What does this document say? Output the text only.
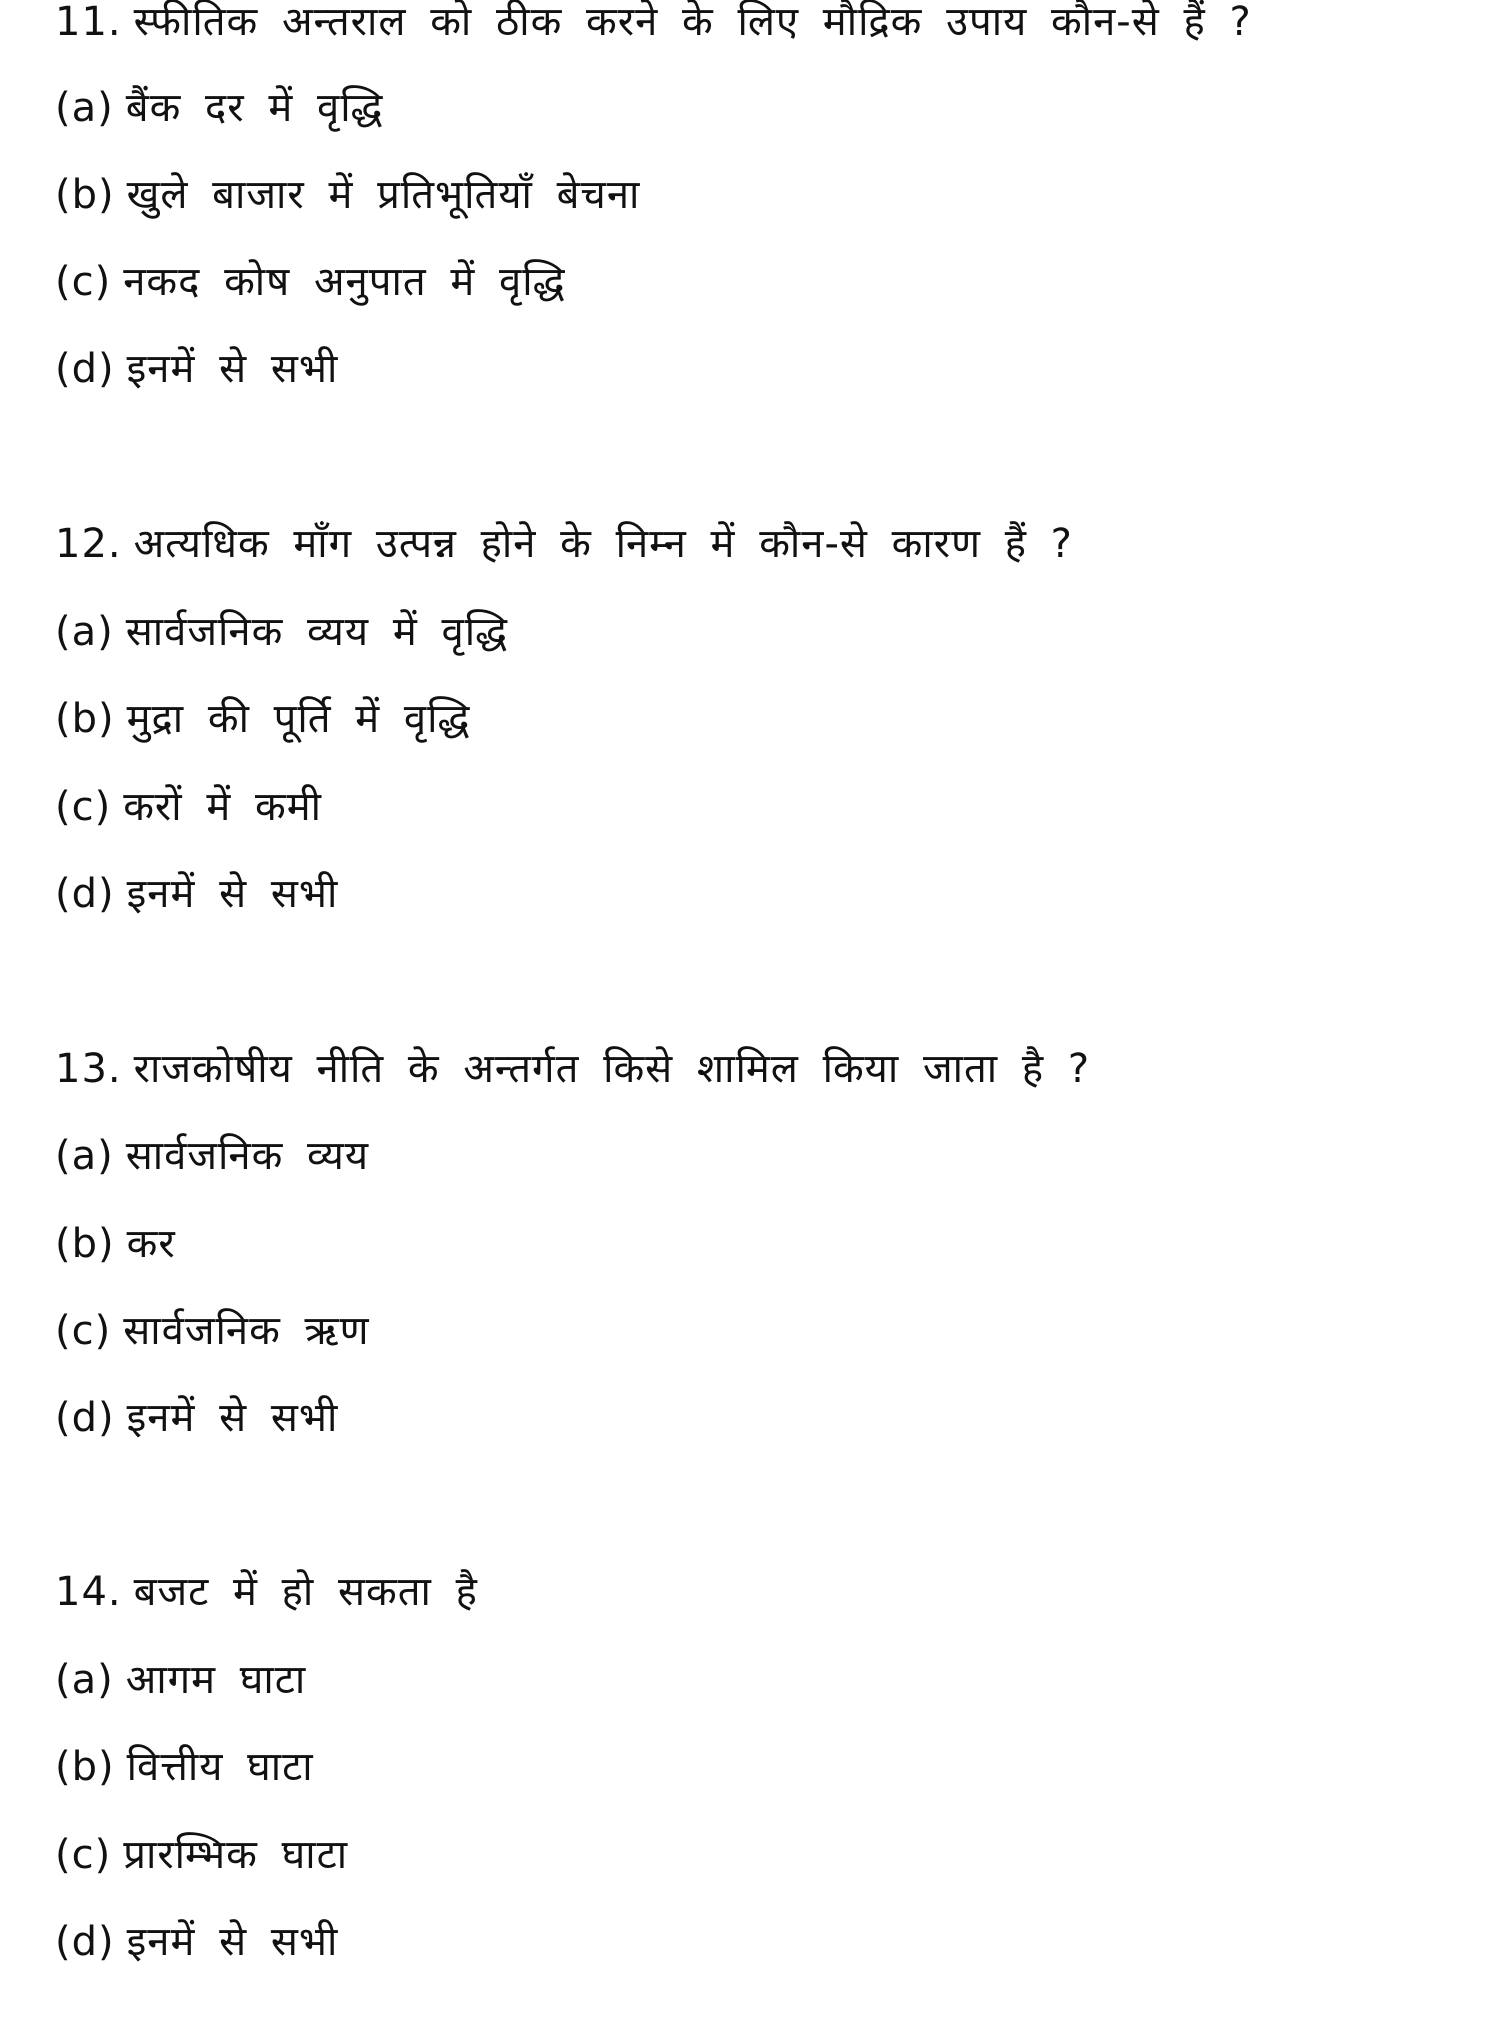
11. स्फीतिक अन्तराल को ठीक करने के लिए मौद्रिक उपाय कौन-से हैं ?
(a) बैंक दर में वृद्धि
(b) खुले बाजार में प्रतिभूतियाँ बेचना
(c) नकद कोष अनुपात में वृद्धि
(d) इनमें से सभी
12. अत्यधिक माँग उत्पन्न होने के निम्न में कौन-से कारण हैं ?
(a) सार्वजनिक व्यय में वृद्धि
(b) मुद्रा की पूर्ति में वृद्धि
(c) करों में कमी
(d) इनमें से सभी
13. राजकोषीय नीति के अन्तर्गत किसे शामिल किया जाता है ?
(a) सार्वजनिक व्यय
(b) कर
(c) सार्वजनिक ऋण
(d) इनमें से सभी
14. बजट में हो सकता है
(a) आगम घाटा
(b) वित्तीय घाटा
(c) प्रारम्भिक घाटा
(d) इनमें से सभी
